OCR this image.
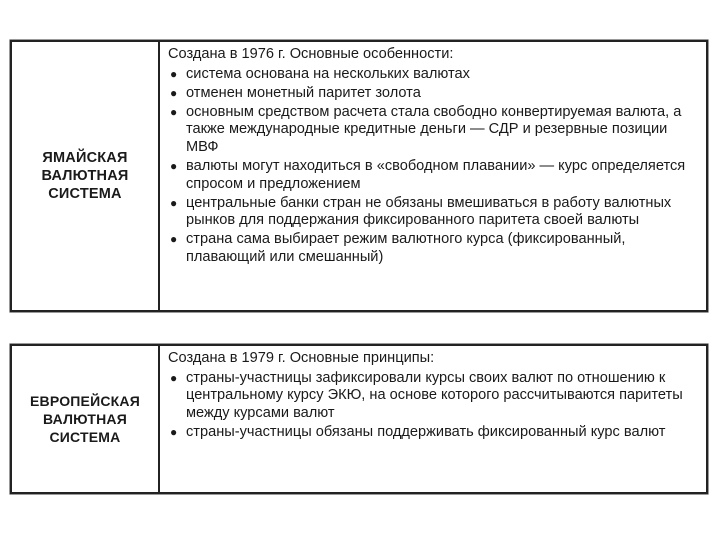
ЯМАЙСКАЯ
ВАЛЮТНАЯ
СИСТЕМА

Создана в 1976 г. Основные особенности:

● система основана на нескольких валютах
● отменен монетный паритет золота
● основным средством расчета стала свободно конвертируемая валюта, а также международные кредитные деньги — СДР и резервные позиции МВФ
● валюты могут находиться в «свободном плавании» — курс определяется спросом и предложением
● центральные банки стран не обязаны вмешиваться в работу валютных рынков для поддержания фиксированного паритета своей валюты
● страна сама выбирает режим валютного курса (фиксированный, плавающий или смешанный)
ЕВРОПЕЙСКАЯ
ВАЛЮТНАЯ
СИСТЕМА

Создана в 1979 г. Основные принципы:

● страны-участницы зафиксировали курсы своих валют по отношению к центральному курсу ЭКЮ, на основе которого рассчитываются паритеты между курсами валют
● страны-участницы обязаны поддерживать фиксированный курс валют
